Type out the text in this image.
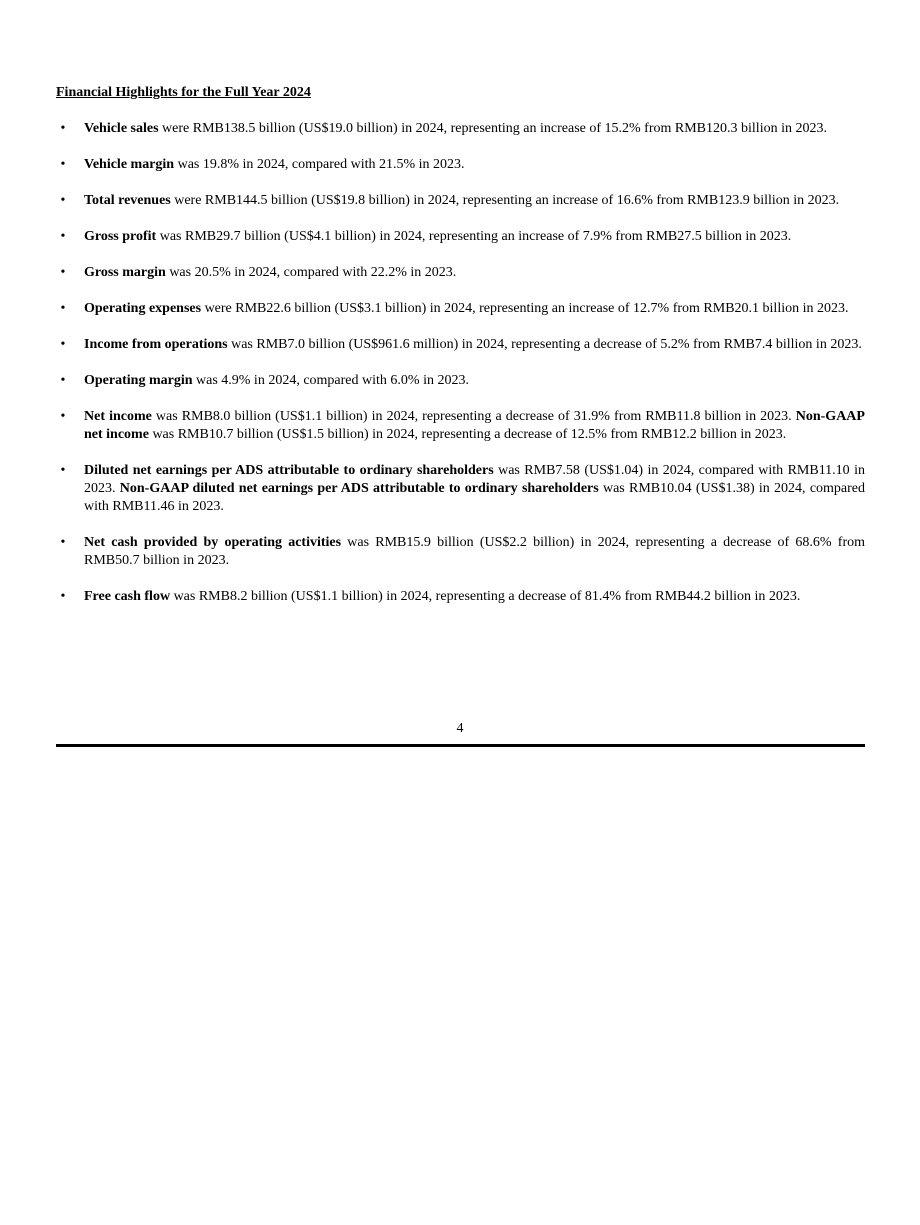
Financial Highlights for the Full Year 2024
•	Vehicle sales were RMB138.5 billion (US$19.0 billion) in 2024, representing an increase of 15.2% from RMB120.3 billion in 2023.
•	Vehicle margin was 19.8% in 2024, compared with 21.5% in 2023.
•	Total revenues were RMB144.5 billion (US$19.8 billion) in 2024, representing an increase of 16.6% from RMB123.9 billion in 2023.
•	Gross profit was RMB29.7 billion (US$4.1 billion) in 2024, representing an increase of 7.9% from RMB27.5 billion in 2023.
•	Gross margin was 20.5% in 2024, compared with 22.2% in 2023.
•	Operating expenses were RMB22.6 billion (US$3.1 billion) in 2024, representing an increase of 12.7% from RMB20.1 billion in 2023.
•	Income from operations was RMB7.0 billion (US$961.6 million) in 2024, representing a decrease of 5.2% from RMB7.4 billion in 2023.
•	Operating margin was 4.9% in 2024, compared with 6.0% in 2023.
•	Net income was RMB8.0 billion (US$1.1 billion) in 2024, representing a decrease of 31.9% from RMB11.8 billion in 2023. Non-GAAP net income was RMB10.7 billion (US$1.5 billion) in 2024, representing a decrease of 12.5% from RMB12.2 billion in 2023.
•	Diluted net earnings per ADS attributable to ordinary shareholders was RMB7.58 (US$1.04) in 2024, compared with RMB11.10 in 2023. Non-GAAP diluted net earnings per ADS attributable to ordinary shareholders was RMB10.04 (US$1.38) in 2024, compared with RMB11.46 in 2023.
•	Net cash provided by operating activities was RMB15.9 billion (US$2.2 billion) in 2024, representing a decrease of 68.6% from RMB50.7 billion in 2023.
•	Free cash flow was RMB8.2 billion (US$1.1 billion) in 2024, representing a decrease of 81.4% from RMB44.2 billion in 2023.
4
